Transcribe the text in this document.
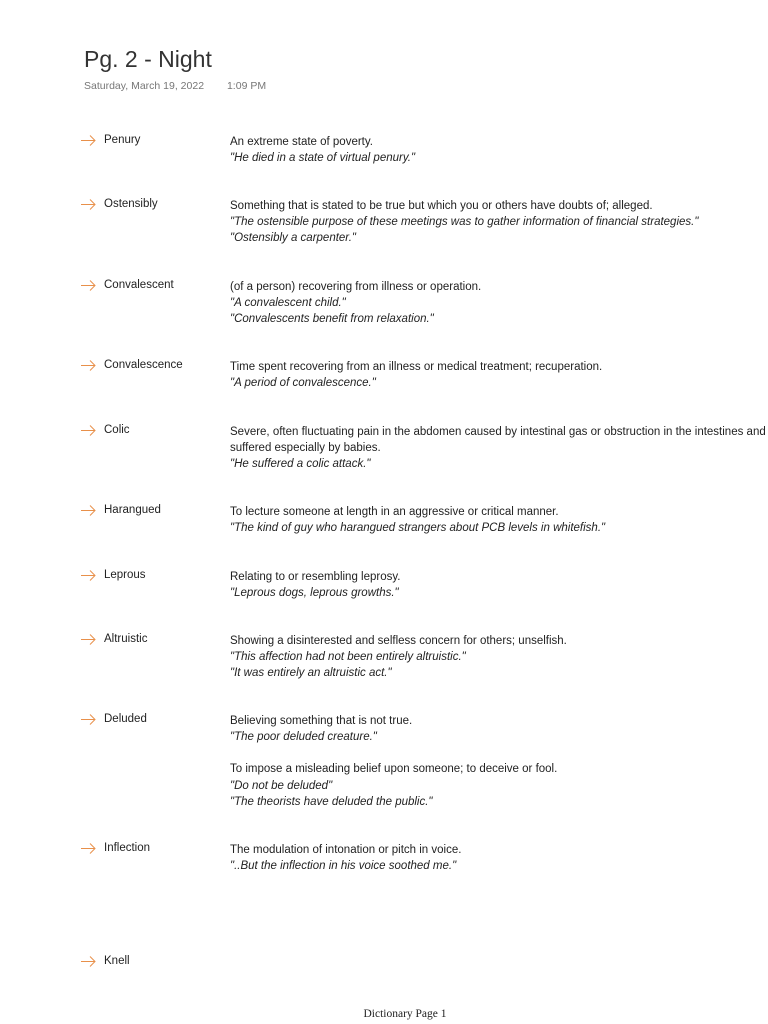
Pg. 2 - Night
Saturday, March 19, 2022 1:09 PM
Penury	An extreme state of poverty.
"He died in a state of virtual penury."
Ostensibly	Something that is stated to be true but which you or others have doubts of; alleged.
"The ostensible purpose of these meetings was to gather information of financial strategies."
"Ostensibly a carpenter."
Convalescent	(of a person) recovering from illness or operation.
"A convalescent child."
"Convalescents benefit from relaxation."
Convalescence	Time spent recovering from an illness or medical treatment; recuperation.
"A period of convalescence."
Colic	Severe, often fluctuating pain in the abdomen caused by intestinal gas or obstruction in the intestines and suffered especially by babies.
"He suffered a colic attack."
Harangued	To lecture someone at length in an aggressive or critical manner.
"The kind of guy who harangued strangers about PCB levels in whitefish."
Leprous	Relating to or resembling leprosy.
"Leprous dogs, leprous growths."
Altruistic	Showing a disinterested and selfless concern for others; unselfish.
"This affection had not been entirely altruistic."
"It was entirely an altruistic act."
Deluded	Believing something that is not true.
"The poor deluded creature."
To impose a misleading belief upon someone; to deceive or fool.
"Do not be deluded"
"The theorists have deluded the public."
Inflection	The modulation of intonation or pitch in voice.
"..But the inflection in his voice soothed me."
Knell
Dictionary Page 1
